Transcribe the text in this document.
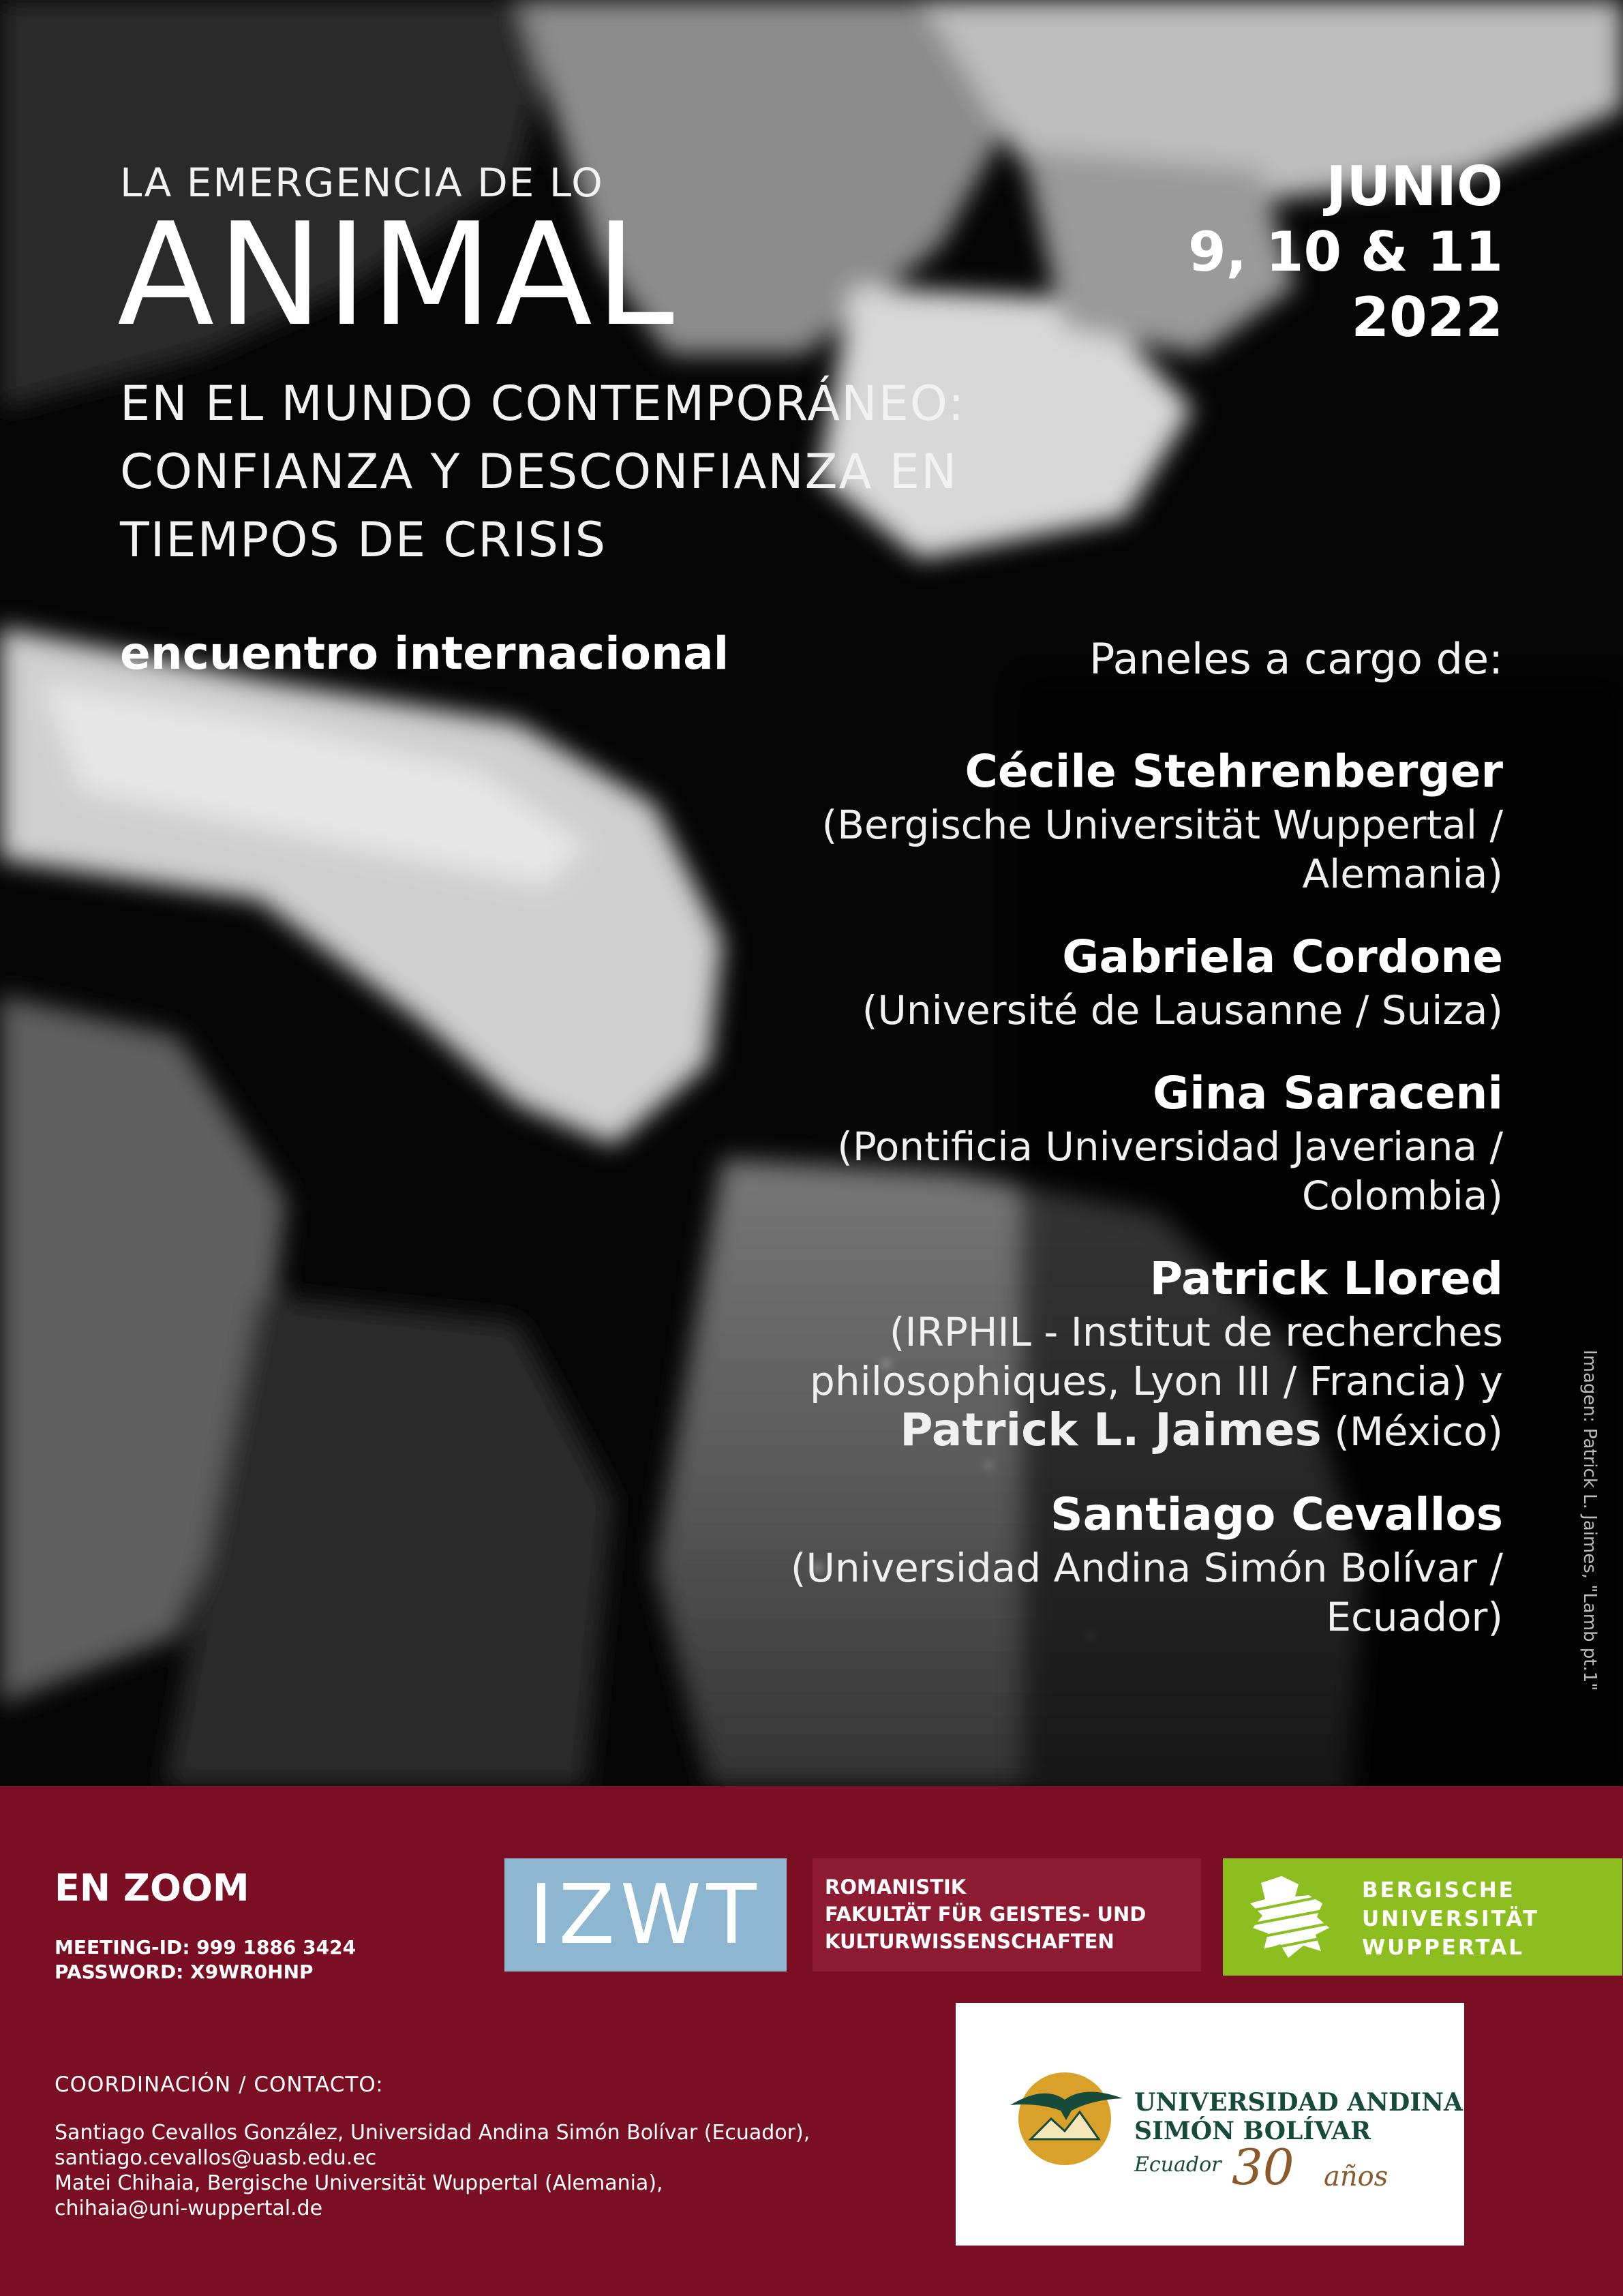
LA EMERGENCIA DE LO
ANIMAL
EN EL MUNDO CONTEMPORÁNEO:
CONFIANZA Y DESCONFIANZA EN
TIEMPOS DE CRISIS
JUNIO
9, 10 & 11
2022
encuentro internacional	Paneles a cargo de:
Cécile Stehrenberger
(Bergische Universität Wuppertal /
Alemania)
Gabriela Cordone
(Université de Lausanne / Suiza)
Gina Saraceni
(Pontificia Universidad Javeriana /
Colombia)
Patrick Llored
(IRPHIL - Institut de recherches
philosophiques, Lyon III / Francia) y
Patrick L. Jaimes (México)
Santiago Cevallos
(Universidad Andina Simón Bolívar /
Ecuador)	Imagen: Patrick L. Jaimes, "Lamb pt.1"
EN ZOOM
MEETING-ID: 999 1886 3424
PASSWORD: X9WR0HNP
COORDINACIÓN / CONTACTO:
Santiago Cevallos González, Universidad Andina Simón Bolívar (Ecuador),
santiago.cevallos@uasb.edu.ec
Matei Chihaia, Bergische Universität Wuppertal (Alemania),
chihaia@uni-wuppertal.de
IZWT	ROMANISTIK
FAKULTÄT FÜR GEISTES- UND
KULTURWISSENSCHAFTEN
BERGISCHE
UNIVERSITÄT
WUPPERTAL
UNIVERSIDAD ANDINA
SIMÓN BOLÍVAR
Ecuador 30 años
